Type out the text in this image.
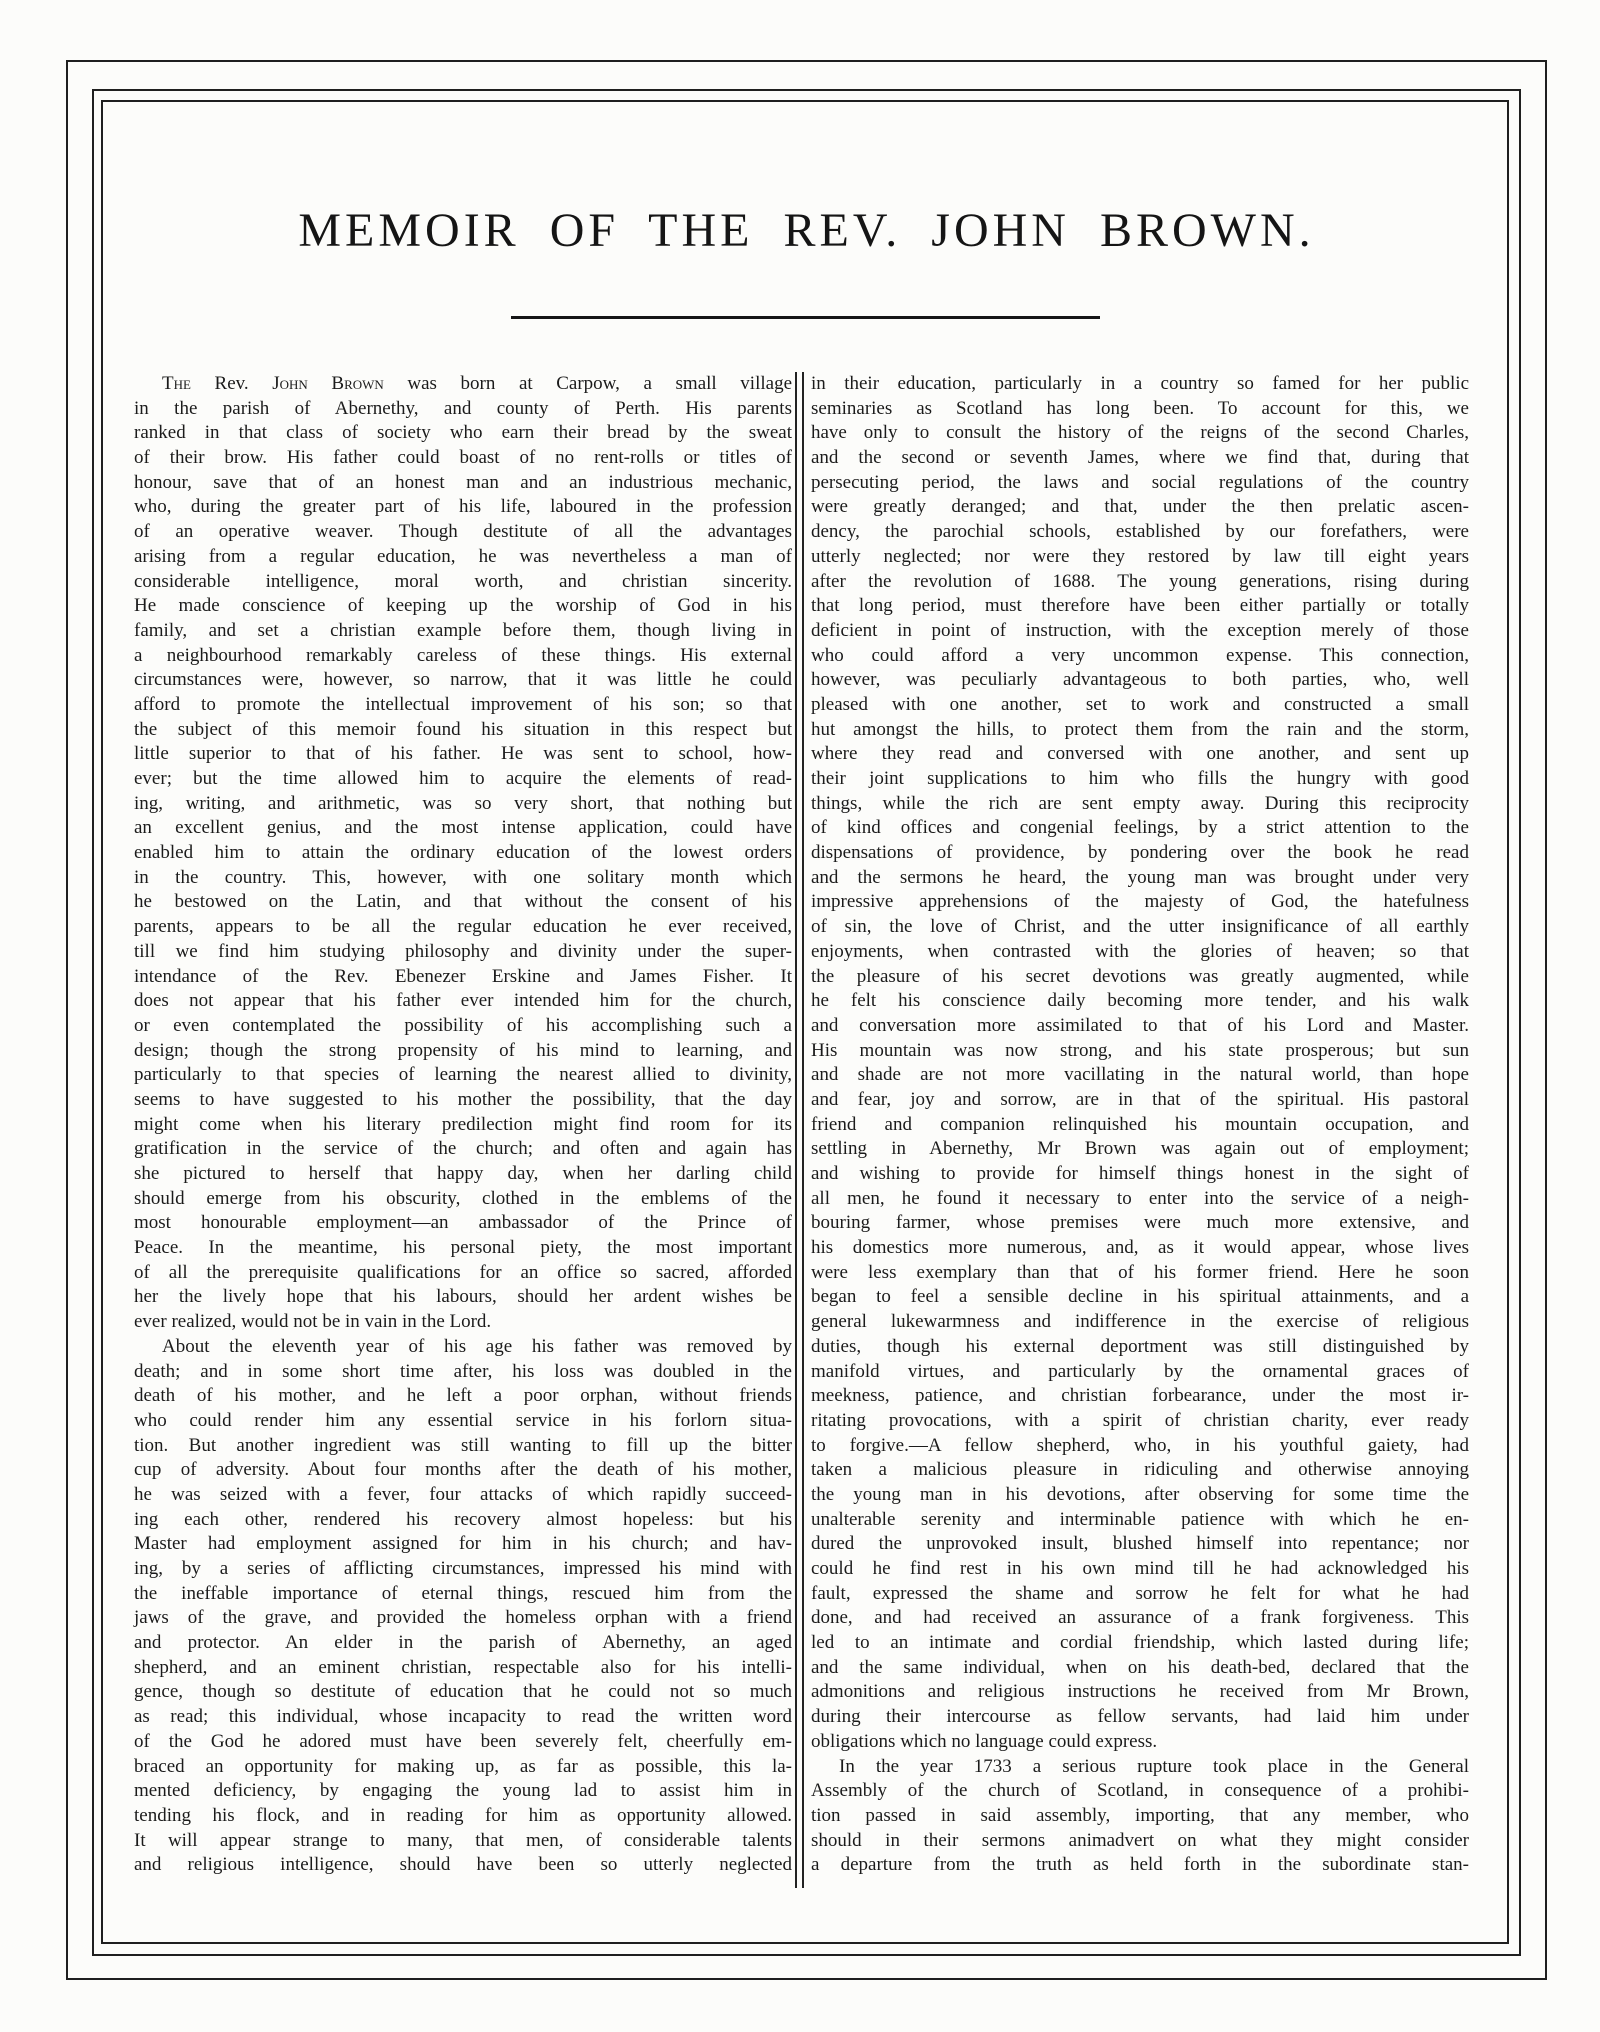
MEMOIR OF THE REV. JOHN BROWN.
The Rev. John Brown was born at Carpow, a small village
in the parish of Abernethy, and county of Perth. His parents
ranked in that class of society who earn their bread by the sweat
of their brow. His father could boast of no rent-rolls or titles of
honour, save that of an honest man and an industrious mechanic,
who, during the greater part of his life, laboured in the profession
of an operative weaver. Though destitute of all the advantages
arising from a regular education, he was nevertheless a man of
considerable intelligence, moral worth, and christian sincerity.
He made conscience of keeping up the worship of God in his
family, and set a christian example before them, though living in
a neighbourhood remarkably careless of these things. His external
circumstances were, however, so narrow, that it was little he could
afford to promote the intellectual improvement of his son; so that
the subject of this memoir found his situation in this respect but
little superior to that of his father. He was sent to school, how-
ever; but the time allowed him to acquire the elements of read-
ing, writing, and arithmetic, was so very short, that nothing but
an excellent genius, and the most intense application, could have
enabled him to attain the ordinary education of the lowest orders
in the country. This, however, with one solitary month which
he bestowed on the Latin, and that without the consent of his
parents, appears to be all the regular education he ever received,
till we find him studying philosophy and divinity under the super-
intendance of the Rev. Ebenezer Erskine and James Fisher. It
does not appear that his father ever intended him for the church,
or even contemplated the possibility of his accomplishing such a
design; though the strong propensity of his mind to learning, and
particularly to that species of learning the nearest allied to divinity,
seems to have suggested to his mother the possibility, that the day
might come when his literary predilection might find room for its
gratification in the service of the church; and often and again has
she pictured to herself that happy day, when her darling child
should emerge from his obscurity, clothed in the emblems of the
most honourable employment—an ambassador of the Prince of
Peace. In the meantime, his personal piety, the most important
of all the prerequisite qualifications for an office so sacred, afforded
her the lively hope that his labours, should her ardent wishes be
ever realized, would not be in vain in the Lord.
About the eleventh year of his age his father was removed by
death; and in some short time after, his loss was doubled in the
death of his mother, and he left a poor orphan, without friends
who could render him any essential service in his forlorn situa-
tion. But another ingredient was still wanting to fill up the bitter
cup of adversity. About four months after the death of his mother,
he was seized with a fever, four attacks of which rapidly succeed-
ing each other, rendered his recovery almost hopeless: but his
Master had employment assigned for him in his church; and hav-
ing, by a series of afflicting circumstances, impressed his mind with
the ineffable importance of eternal things, rescued him from the
jaws of the grave, and provided the homeless orphan with a friend
and protector. An elder in the parish of Abernethy, an aged
shepherd, and an eminent christian, respectable also for his intelli-
gence, though so destitute of education that he could not so much
as read; this individual, whose incapacity to read the written word
of the God he adored must have been severely felt, cheerfully em-
braced an opportunity for making up, as far as possible, this la-
mented deficiency, by engaging the young lad to assist him in
tending his flock, and in reading for him as opportunity allowed.
It will appear strange to many, that men, of considerable talents
and religious intelligence, should have been so utterly neglected
in their education, particularly in a country so famed for her public
seminaries as Scotland has long been. To account for this, we
have only to consult the history of the reigns of the second Charles,
and the second or seventh James, where we find that, during that
persecuting period, the laws and social regulations of the country
were greatly deranged; and that, under the then prelatic ascen-
dency, the parochial schools, established by our forefathers, were
utterly neglected; nor were they restored by law till eight years
after the revolution of 1688. The young generations, rising during
that long period, must therefore have been either partially or totally
deficient in point of instruction, with the exception merely of those
who could afford a very uncommon expense. This connection,
however, was peculiarly advantageous to both parties, who, well
pleased with one another, set to work and constructed a small
hut amongst the hills, to protect them from the rain and the storm,
where they read and conversed with one another, and sent up
their joint supplications to him who fills the hungry with good
things, while the rich are sent empty away. During this reciprocity
of kind offices and congenial feelings, by a strict attention to the
dispensations of providence, by pondering over the book he read
and the sermons he heard, the young man was brought under very
impressive apprehensions of the majesty of God, the hatefulness
of sin, the love of Christ, and the utter insignificance of all earthly
enjoyments, when contrasted with the glories of heaven; so that
the pleasure of his secret devotions was greatly augmented, while
he felt his conscience daily becoming more tender, and his walk
and conversation more assimilated to that of his Lord and Master.
His mountain was now strong, and his state prosperous; but sun
and shade are not more vacillating in the natural world, than hope
and fear, joy and sorrow, are in that of the spiritual. His pastoral
friend and companion relinquished his mountain occupation, and
settling in Abernethy, Mr Brown was again out of employment;
and wishing to provide for himself things honest in the sight of
all men, he found it necessary to enter into the service of a neigh-
bouring farmer, whose premises were much more extensive, and
his domestics more numerous, and, as it would appear, whose lives
were less exemplary than that of his former friend. Here he soon
began to feel a sensible decline in his spiritual attainments, and a
general lukewarmness and indifference in the exercise of religious
duties, though his external deportment was still distinguished by
manifold virtues, and particularly by the ornamental graces of
meekness, patience, and christian forbearance, under the most ir-
ritating provocations, with a spirit of christian charity, ever ready
to forgive.—A fellow shepherd, who, in his youthful gaiety, had
taken a malicious pleasure in ridiculing and otherwise annoying
the young man in his devotions, after observing for some time the
unalterable serenity and interminable patience with which he en-
dured the unprovoked insult, blushed himself into repentance; nor
could he find rest in his own mind till he had acknowledged his
fault, expressed the shame and sorrow he felt for what he had
done, and had received an assurance of a frank forgiveness. This
led to an intimate and cordial friendship, which lasted during life;
and the same individual, when on his death-bed, declared that the
admonitions and religious instructions he received from Mr Brown,
during their intercourse as fellow servants, had laid him under
obligations which no language could express.
In the year 1733 a serious rupture took place in the General
Assembly of the church of Scotland, in consequence of a prohibi-
tion passed in said assembly, importing, that any member, who
should in their sermons animadvert on what they might consider
a departure from the truth as held forth in the subordinate stan-
